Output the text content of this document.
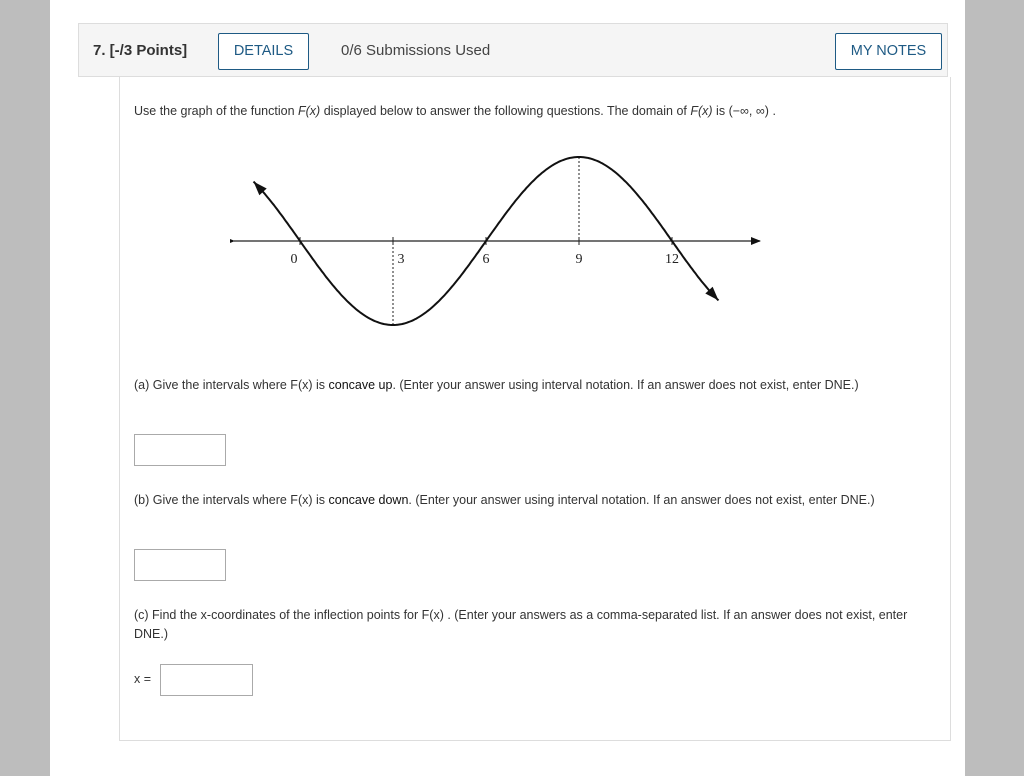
7. [-/3 Points]	DETAILS	0/6 Submissions Used	MY NOTES
Use the graph of the function F(x) displayed below to answer the following questions. The domain of F(x) is (−∞, ∞) .
0	3	6	9	12
(a) Give the intervals where F(x) is concave up. (Enter your answer using interval notation. If an answer does not exist, enter DNE.)
(b) Give the intervals where F(x) is concave down. (Enter your answer using interval notation. If an answer does not exist, enter DNE.)
(c) Find the x-coordinates of the inflection points for F(x) . (Enter your answers as a comma-separated list. If an answer does not exist, enter DNE.)
x =
